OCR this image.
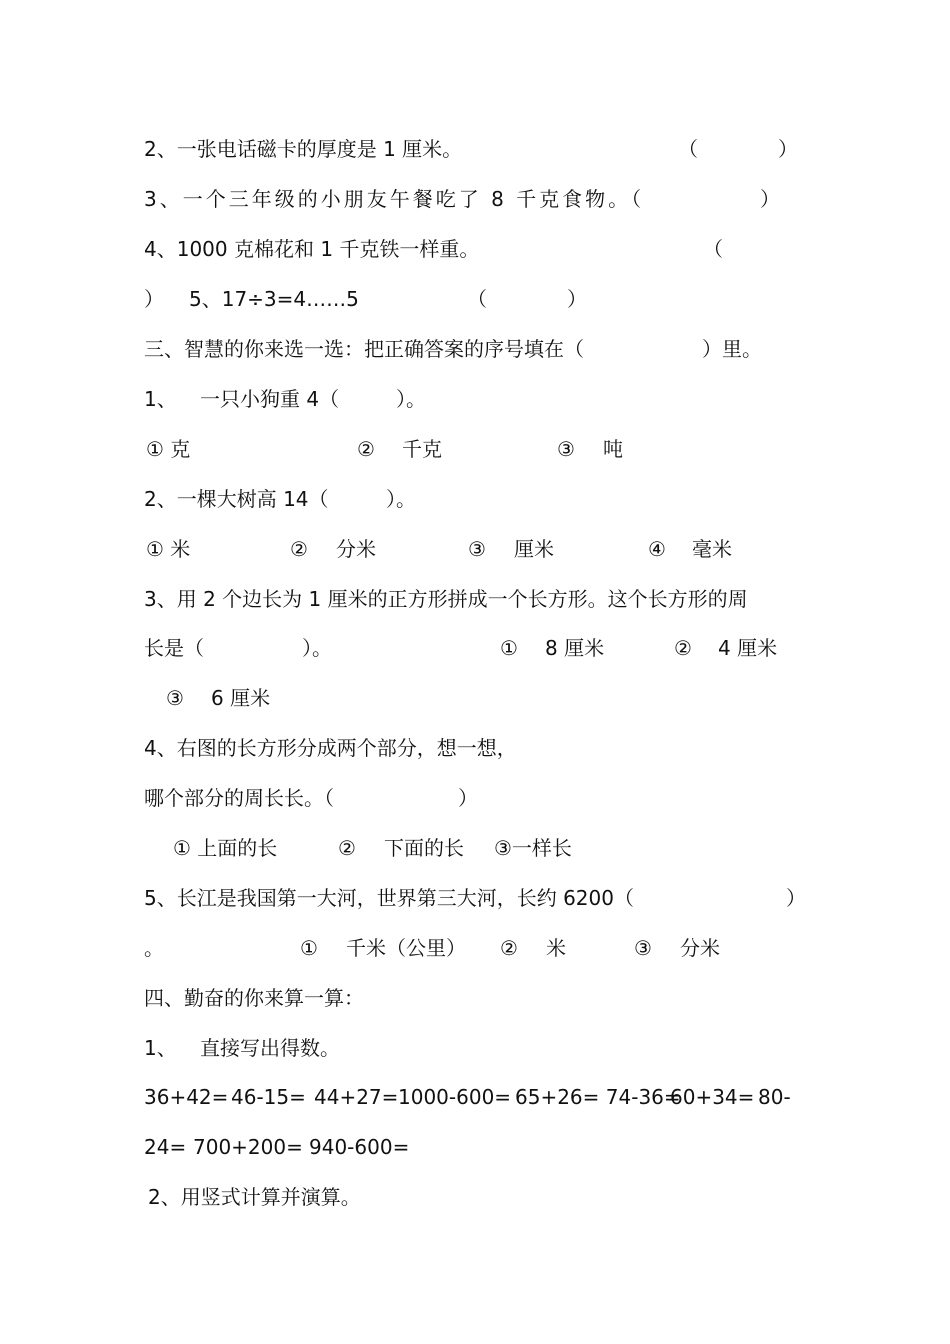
2、一张电话磁卡的厚度是 1 厘米。	（	）
3、一个三年级的小朋友午餐吃了 8 千克食物。（	）
4、1000 克棉花和 1 千克铁一样重。	（
） 5、17÷3=4……5	（	）
三、智慧的你来选一选：把正确答案的序号填在（	）里。
1、 一只小狗重 4（	）。
① 克	② 千克	③ 吨
2、一棵大树高 14（	）。
① 米	② 分米	③ 厘米	④ 毫米
3、用 2 个边长为 1 厘米的正方形拼成一个长方形。这个长方形的周
长是（	）。	① 8 厘米	② 4 厘米
③ 6 厘米
4、右图的长方形分成两个部分，想一想，
哪个部分的周长长。（	）
① 上面的长	② 下面的长 ③一样长
5、长江是我国第一大河，世界第三大河，长约 6200（	）
。	① 千米（公里） ② 米	③ 分米
四、勤奋的你来算一算：
1、 直接写出得数。
36+42= 46-15= 44+27= 1000-600= 65+26= 74-36=
60+34= 80-
24= 700+200= 940-600=
2、用竖式计算并演算。
